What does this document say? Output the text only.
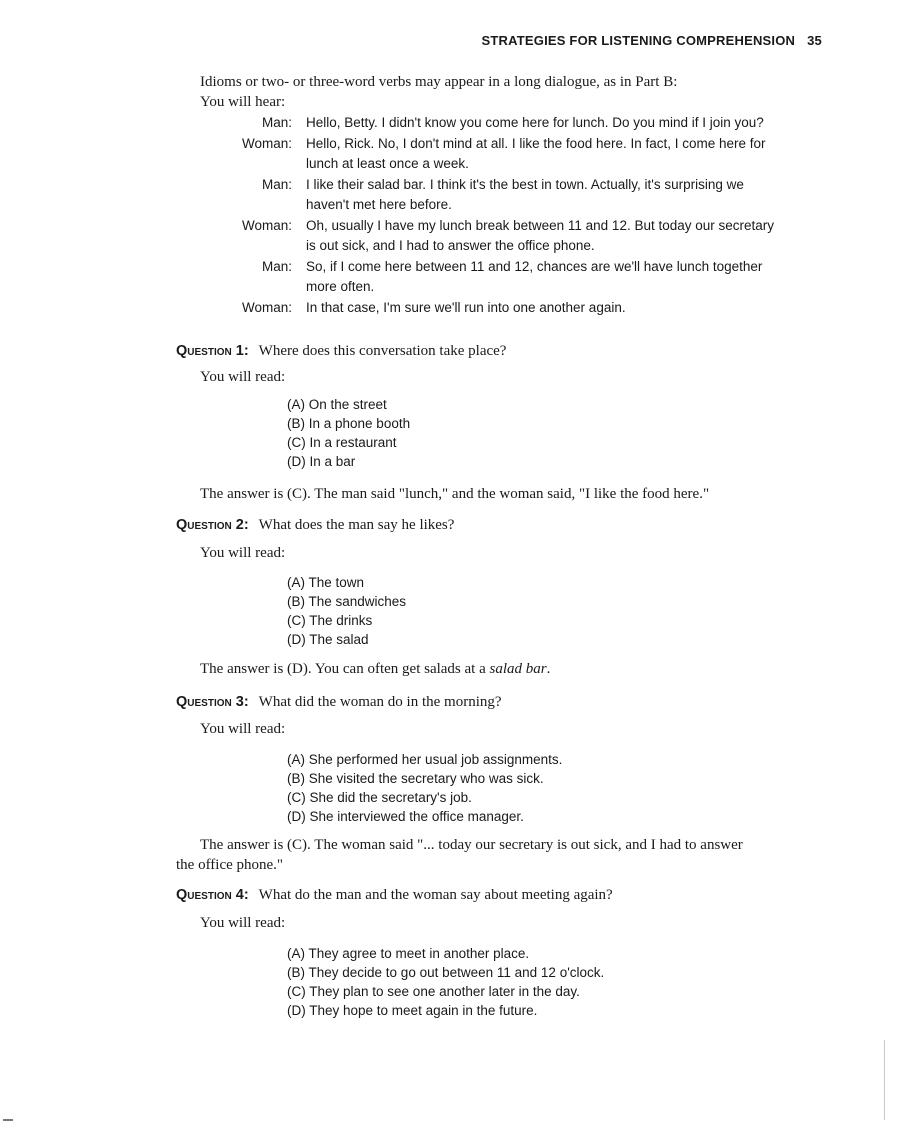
STRATEGIES FOR LISTENING COMPREHENSION 35
Idioms or two- or three-word verbs may appear in a long dialogue, as in Part B:
You will hear:
Man: Hello, Betty. I didn't know you come here for lunch. Do you mind if I join you?
Woman: Hello, Rick. No, I don't mind at all. I like the food here. In fact, I come here for lunch at least once a week.
Man: I like their salad bar. I think it's the best in town. Actually, it's surprising we haven't met here before.
Woman: Oh, usually I have my lunch break between 11 and 12. But today our secretary is out sick, and I had to answer the office phone.
Man: So, if I come here between 11 and 12, chances are we'll have lunch together more often.
Woman: In that case, I'm sure we'll run into one another again.
Question 1: Where does this conversation take place?
You will read:
(A) On the street
(B) In a phone booth
(C) In a restaurant
(D) In a bar
The answer is (C). The man said "lunch," and the woman said, "I like the food here."
Question 2: What does the man say he likes?
You will read:
(A) The town
(B) The sandwiches
(C) The drinks
(D) The salad
The answer is (D). You can often get salads at a salad bar.
Question 3: What did the woman do in the morning?
You will read:
(A) She performed her usual job assignments.
(B) She visited the secretary who was sick.
(C) She did the secretary's job.
(D) She interviewed the office manager.
The answer is (C). The woman said "... today our secretary is out sick, and I had to answer
the office phone."
Question 4: What do the man and the woman say about meeting again?
You will read:
(A) They agree to meet in another place.
(B) They decide to go out between 11 and 12 o'clock.
(C) They plan to see one another later in the day.
(D) They hope to meet again in the future.
